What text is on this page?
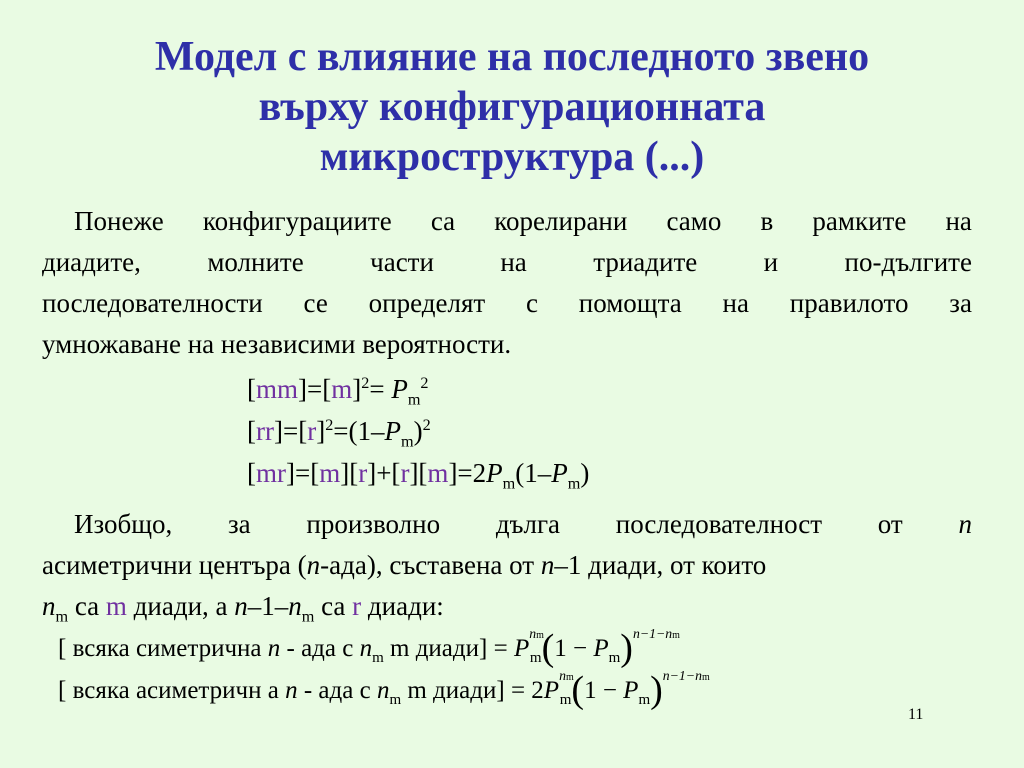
Модел с влияние на последното звено
върху конфигурационната
микроструктура (...)
Понеже конфигурациите са корелирани само в рамките на
диадите, молните части на триадите и по-дългите
последователности се определят с помощта на правилото за
умножаване на независими вероятности.
$[mm]=[m]^2= P_m^2$
$[rr]=[r]^2=(1-P_m)^2$
$[mr]=[m][r]+[r][m]=2P_m(1-P_m)$
Изобщо, за произволно дълга последователност от n
асиметрични центъра (n-ада), съставена от n–1 диади, от които
$n_m$ са m диади, а $n-1-n_m$ са r диади:
[ всяка симетрична n - ада с $n_m$ m диади] = $P^{nm}_m(1 - P_m)^{n-1-nm}$
[ всяка асиметричн а n - ада с $n_m$ m диади] = $2P^{nm}_m(1 - P_m)^{n-1-nm}$
11
